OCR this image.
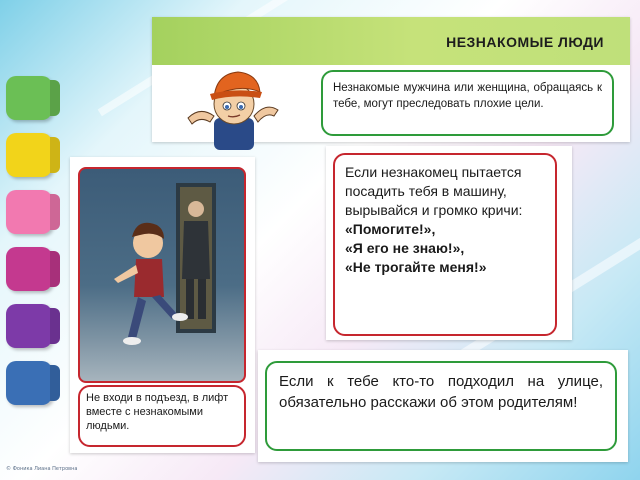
НЕЗНАКОМЫЕ ЛЮДИ
Незнакомые мужчина или женщина, обращаясь к тебе, могут преследовать плохие цели.
Не входи в подъезд, в лифт вместе с незнакомыми людьми.
Если незнакомец пытается посадить тебя в машину, вырывайся и громко кричи:
«Помогите!»,
«Я его не знаю!»,
«Не трогайте меня!»
Если к тебе кто-то подходил на улице, обязательно расскажи об этом родителям!
© Фоника Лиана Петровна
